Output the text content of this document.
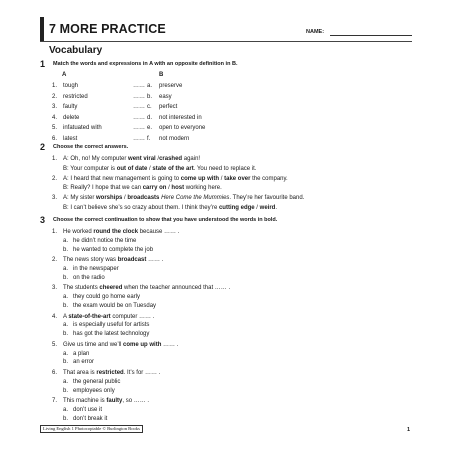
7 MORE PRACTICE	NAME:
Vocabulary
1 Match the words and expressions in A with an opposite definition in B.
A	B
1. tough	…… a. preserve
2. restricted	…… b. easy
3. faulty	…… c. perfect
4. delete	…… d. not interested in
5. infatuated with	…… e. open to everyone
6. latest	…… f. not modern
2 Choose the correct answers.
1. A: Oh, no! My computer went viral /crashed again!
B: Your computer is out of date / state of the art. You need to replace it.
2. A: I heard that new management is going to come up with / take over the company.
B: Really? I hope that we can carry on / host working here.
3. A: My sister worships / broadcasts Here Come the Mummies. They’re her favourite band.
B: I can’t believe she’s so crazy about them. I think they’re cutting edge / weird.
3 Choose the correct continuation to show that you have understood the words in bold.
1. He worked round the clock because …… .
a. he didn’t notice the time
b. he wanted to complete the job
2. The news story was broadcast …… .
a. in the newspaper
b. on the radio
3. The students cheered when the teacher announced that …… .
a. they could go home early
b. the exam would be on Tuesday
4. A state-of-the-art computer …… .
a. is especially useful for artists
b. has got the latest technology
5. Give us time and we’ll come up with …… .
a. a plan
b. an error
6. That area is restricted. It’s for …… .
a. the general public
b. employees only
7. This machine is faulty, so …… .
a. don’t use it
b. don’t break it
Living English 1 Photocopiable © Burlington Books	1
